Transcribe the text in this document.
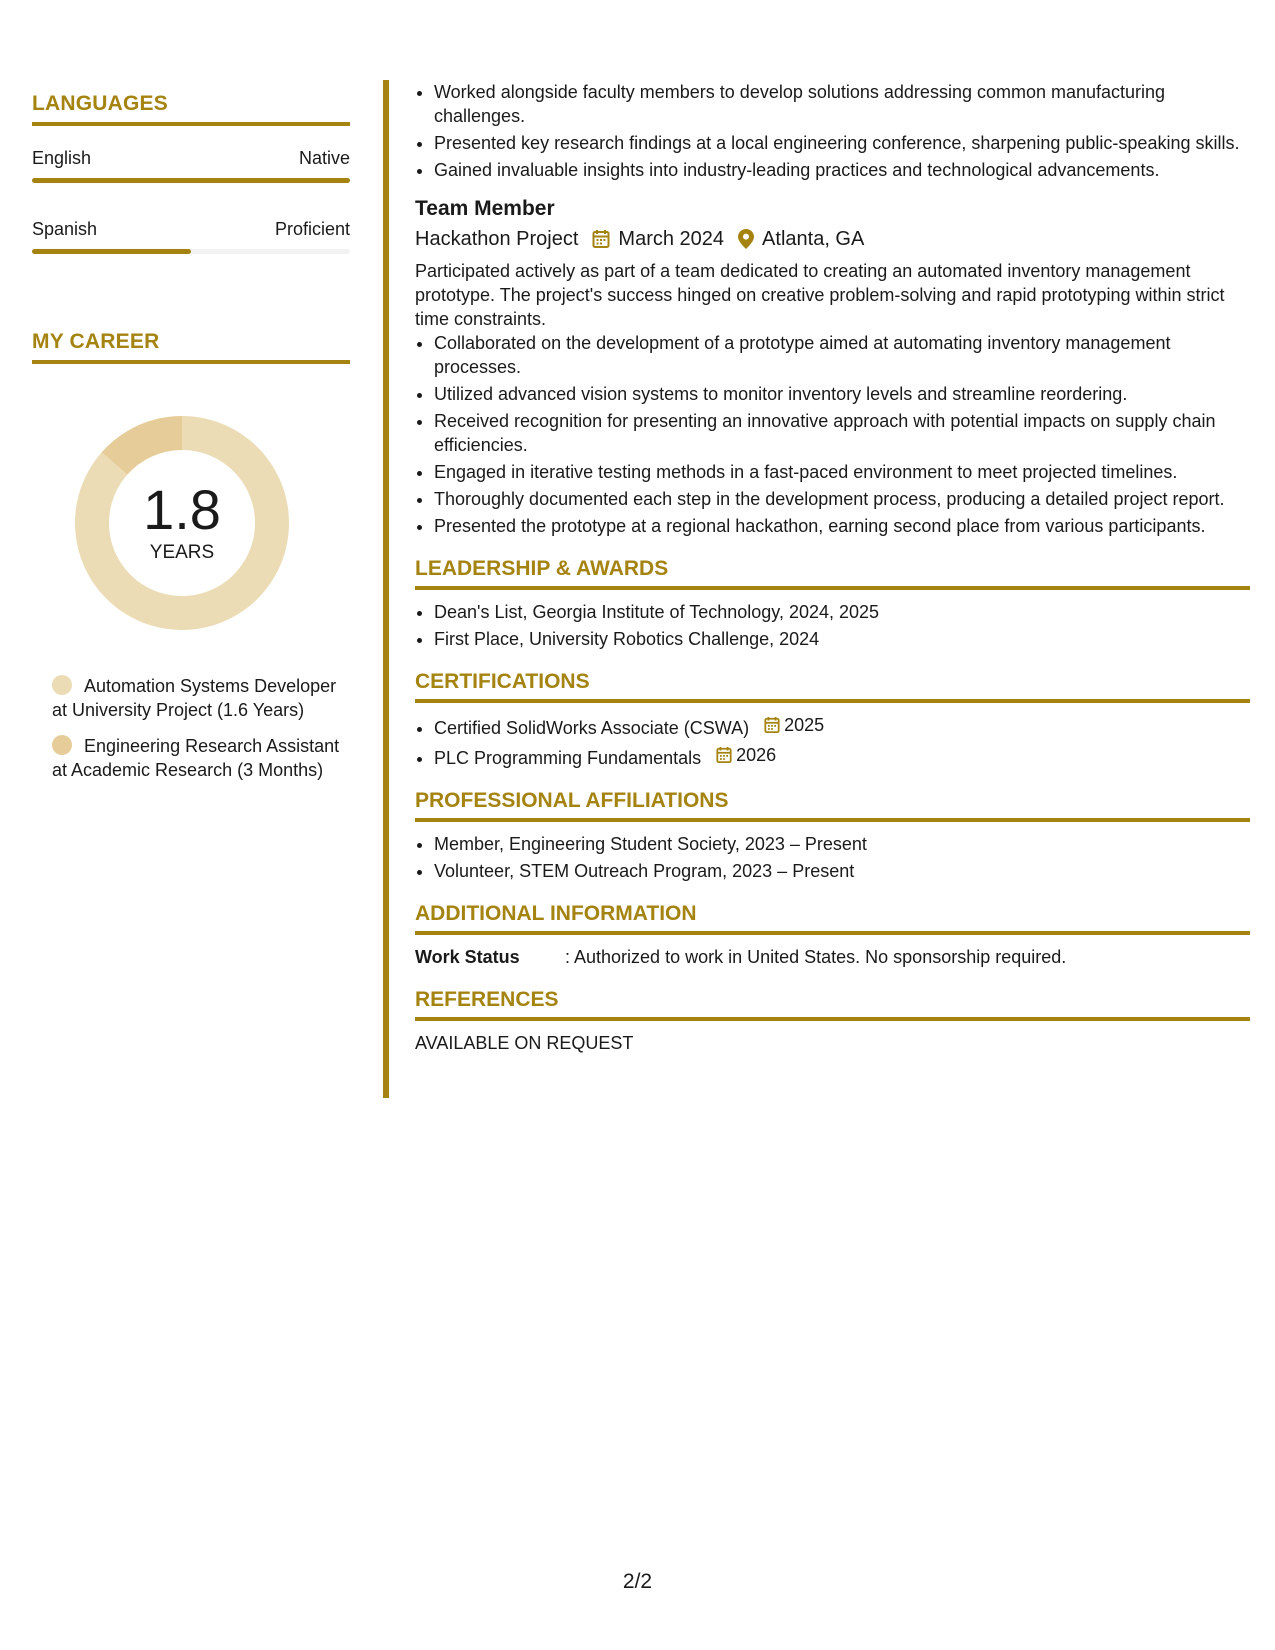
LANGUAGES
English	Native
Spanish	Proficient
MY CAREER
1.8
YEARS
Automation Systems Developer at University Project (1.6 Years)
Engineering Research Assistant at Academic Research (3 Months)
• Worked alongside faculty members to develop solutions addressing common manufacturing challenges.
• Presented key research findings at a local engineering conference, sharpening public-speaking skills.
• Gained invaluable insights into industry-leading practices and technological advancements.
Team Member
Hackathon Project March 2024 Atlanta, GA
Participated actively as part of a team dedicated to creating an automated inventory management prototype. The project's success hinged on creative problem-solving and rapid prototyping within strict time constraints.
• Collaborated on the development of a prototype aimed at automating inventory management processes.
• Utilized advanced vision systems to monitor inventory levels and streamline reordering.
• Received recognition for presenting an innovative approach with potential impacts on supply chain efficiencies.
• Engaged in iterative testing methods in a fast-paced environment to meet projected timelines.
• Thoroughly documented each step in the development process, producing a detailed project report.
• Presented the prototype at a regional hackathon, earning second place from various participants.
LEADERSHIP & AWARDS
• Dean's List, Georgia Institute of Technology, 2024, 2025
• First Place, University Robotics Challenge, 2024
CERTIFICATIONS
• Certified SolidWorks Associate (CSWA) 2025
• PLC Programming Fundamentals 2026
PROFESSIONAL AFFILIATIONS
• Member, Engineering Student Society, 2023 – Present
• Volunteer, STEM Outreach Program, 2023 – Present
ADDITIONAL INFORMATION
Work Status	: Authorized to work in United States. No sponsorship required.
REFERENCES
AVAILABLE ON REQUEST
2/2
